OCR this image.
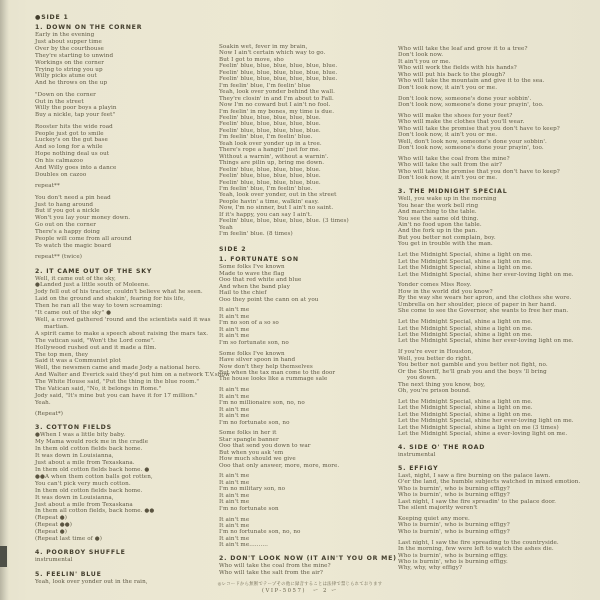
●SIDE 1
1. DOWN ON THE CORNER
Early in the evening
Just about supper time
Over by the courthouse
They're starting to unwind
Workings on the corner
Trying to string you up
Willy picks atune out
And he throws on the up
"Down on the corner
Out in the street
Willy the poor boys a playin
Buy a nickle, tap your feet"
Rooster hits the wide road
People just got to smile
Luckey's on the gut base
And so long for a while
Hope nothing deal us out
On his calmazoo
And Willy goes into a dance
Doubles on cazoo
repeat**
You don't need a pin head
Just to hang around
But if you got a nickle
Won't you lay your money down.
Go out on the corner
There's a happy doing
People will come from all around
To watch the magic board
repeat** (twice)
2. IT CAME OUT OF THE SKY
Well, it came out of the sky,
●Landed just a little south of Moleene.
Jody fell out of his tractor, couldn't believe what he seen.
Laid on the ground and shakin', fearing for his life,
Then he ran all the way to town screaming:
"It came out of the sky" ●
Well, a crowd gathered 'round and the scientists said it was
martian.
A spirit came to make a speech about raising the mars tax.
The vatican said, "Won't the Lord come".
Hollywood rushed out and it made a film.
The top men, they
Said it was a Communist plot
Well, the newsmen came and made Jody a national hero.
And Walter and Everick said they'd put him on a network T.V.show
The White House said, "Put the thing in the blue room."
The Vatican said, "No, it belongs in Rome."
Jody said, "It's mine but you can have it for 17 million."
Yeah.
(Repeat*)
3. COTTON FIELDS
●When I was a little bity baby.
My Mama would rock me in the cradle
In them old cotton fields back home.
It was down in Louisianna,
Just about a mile from Texaskana.
In them old cotton fields back home. ●
●●A when them cotton balls got rotten,
You can't pick very much cotton.
In them old cotton fields back home.
It was down in Louisianna,
Just about a mile from Texaskana
In them all cotton fields, back home. ●●
(Repeat ●)
(Repeat ●●)
(Repeat ●)
(Repeat last time of ●)
4. POORBOY SHUFFLE
instrumental
5. FEELIN' BLUE
Yeah, look over yonder out in the rain,
Soakin wet, fever in my brain,
Now I ain't certain which way to go.
But I got to move, sho
Feelin' blue, blue, blue, blue, blue, blue.
Feelin' blue, blue, blue, blue, blue, blue.
Feelin' blue, blue, blue, blue, blue, blue.
I'm feelin' blue, I'm feelin' blue
Yeah, look over yonder behind the wall.
They're closin' in and I'm about to Fall.
Now I'm no coward but I ain't no fool.
I'm feelin' in my bones, my time is due.
Feelin' blue, blue, blue, blue, blue.
Feelin' blue, blue, blue, blue, blue.
Feelin' blue, blue, blue, blue, blue.
I'm feelin' blue, I'm feelin' blue.
Yeah look over yonder up in a tree.
There's rope a hangin' just for me.
Without a warnin', without a warnin'.
Things are pilin up, bring me down.
Feelin' blue, blue, blue, blue, blue.
Feelin' blue, blue, blue, blue, blue.
Feelin' blue, blue, blue, blue, blue.
I'm feelin' blue, I'm feelin' blue.
Yeah, look over yonder, out in the street
People havin' a time, walkin' easy.
Now, I'm no sinner, but I ain't no saint.
If it's happy, you can say I ain't.
Feelin' blue, blue, blue, blue, blue. (3 times)
Yeah
I'm feelin' blue. (8 times)
SIDE 2
1. FORTUNATE SON
Some folks I've known
Made to wave the flag
Ooo that red white and blue
And when the band play
Hail to the chief
Ooo they point the cann on at you
It ain't me
It ain't me
I'm no son of a so so
It ain't me
It ain't me
I'm so fortunate son, no
Some folks I've known
Have silver spoon in hand
Now don't they help themselves
But when the tax man come to the door
The house looks like a rummage sale
It ain't me
It ain't me
I'm no millionaire son, no, no
It ain't me
It ain't me
I'm no fortunate son, no
Some folks in her it
Star spangle banner
Ooo that send you down to war
But when you ask 'em
How much should we give
Ooo that only answer, more, more, more.
It ain't me
It ain't me
I'm no military son, no
It ain't me
It ain't me
I'm no fortunate son
It ain't me
It ain't me
I'm no fortunate son, no, no
It ain't me
It ain't me..........
2. DON'T LOOK NOW (IT AIN'T YOU OR ME)
Who will take the coal from the mine?
Who will take the salt from the air?
Who will take the leaf and grow it to a tree?
Don't look now.
It ain't you or me.
Who will work the fields with his hands?
Who will put his back to the plough?
Who will take the mountain and give it to the sea.
Don't look now, it ain't you or me.
Don't look now, someone's done your sobbin'.
Don't look now, someone's done your prayin', too.
Who will make the shoes for your feet?
Who will make the clothes that you'll wear.
Who will take the promise that you don't have to keep?
Don't look now, it ain't you or me.
Well, don't look now, someone's done your sobbin'.
Don't look now, someone's done your prayin', too.
Who will take the coal from the mine?
Who will take the salt from the air?
Who will take the promise that you don't have to keep?
Don't look now, it ain't you or me.
3. THE MIDNIGHT SPECIAL
Well, you wake up in the morning
You hear the work bell ring
And marching to the table.
You see the same old thing.
Ain't no food upon the table.
And the fork up in the pan.
But you better not complain, boy.
You get in trouble with the man.
Let the Midnight Special, shine a light on me.
Let the Midnight Special, shine a light on me.
Let the Midnight Special, shine a light on me.
Let the Midnight Special, shine her ever-loving light on me.
Yonder comes Miss Rosy.
How in the world did you know?
By the way she wears her apron, and the clothes she wore.
Umbrella on her shoulder, piece of paper in her hand.
She come to see the Governor, she wants to free her man.
Let the Midnight Special, shine a light on me.
Let the Midnight Special, shine a light on me.
Let the Midnight Special, shine a light on me.
Let the Midnight Special, shine her ever-loving light on me.
If you're ever in Houston,
Well, you better do right.
You better not gamble and you better not fight, no.
Or the Sheriff, he'll grab you and the boys 'll bring
you down.
The next thing you know, boy,
Oh, you're prison bound.
Let the Midnight Special, shine a light on me.
Let the Midnight Special, shine a light on me.
Let the Midnight Special, shine a light on me.
Let the Midnight Special, shine her ever-loving light on me.
Let the Midnight Special, shine a light on me (3 times)
Let the Midnight Special, shine a ever-loving light on me.
4. SIDE O' THE ROAD
instrumental
5. EFFIGY
Last, night, I saw a fire burning on the palace lawn.
O'er the land, the humble subjects watched in mixed emotion.
Who is burnin', who is burning effigy?
Who is burnin', who is burning effigy?
Last night, I saw the fire spreadin' to the palace door.
The silent majority weren't
Keeping quiet any more.
Who is burnin', who is burning effigy?
Who is burnin', who is burning effigy?
Last night, I saw the fire spreading to the countryside.
In the morning, few were left to watch the ashes die.
Who is burnin', who is burning effigy.
Who is burnin', who is burning effigy.
Why, why, why effigy?
◎レコードから無断でテープその他に録音することは法律で禁じられております
(VIP-5057)　ー 2 ー
